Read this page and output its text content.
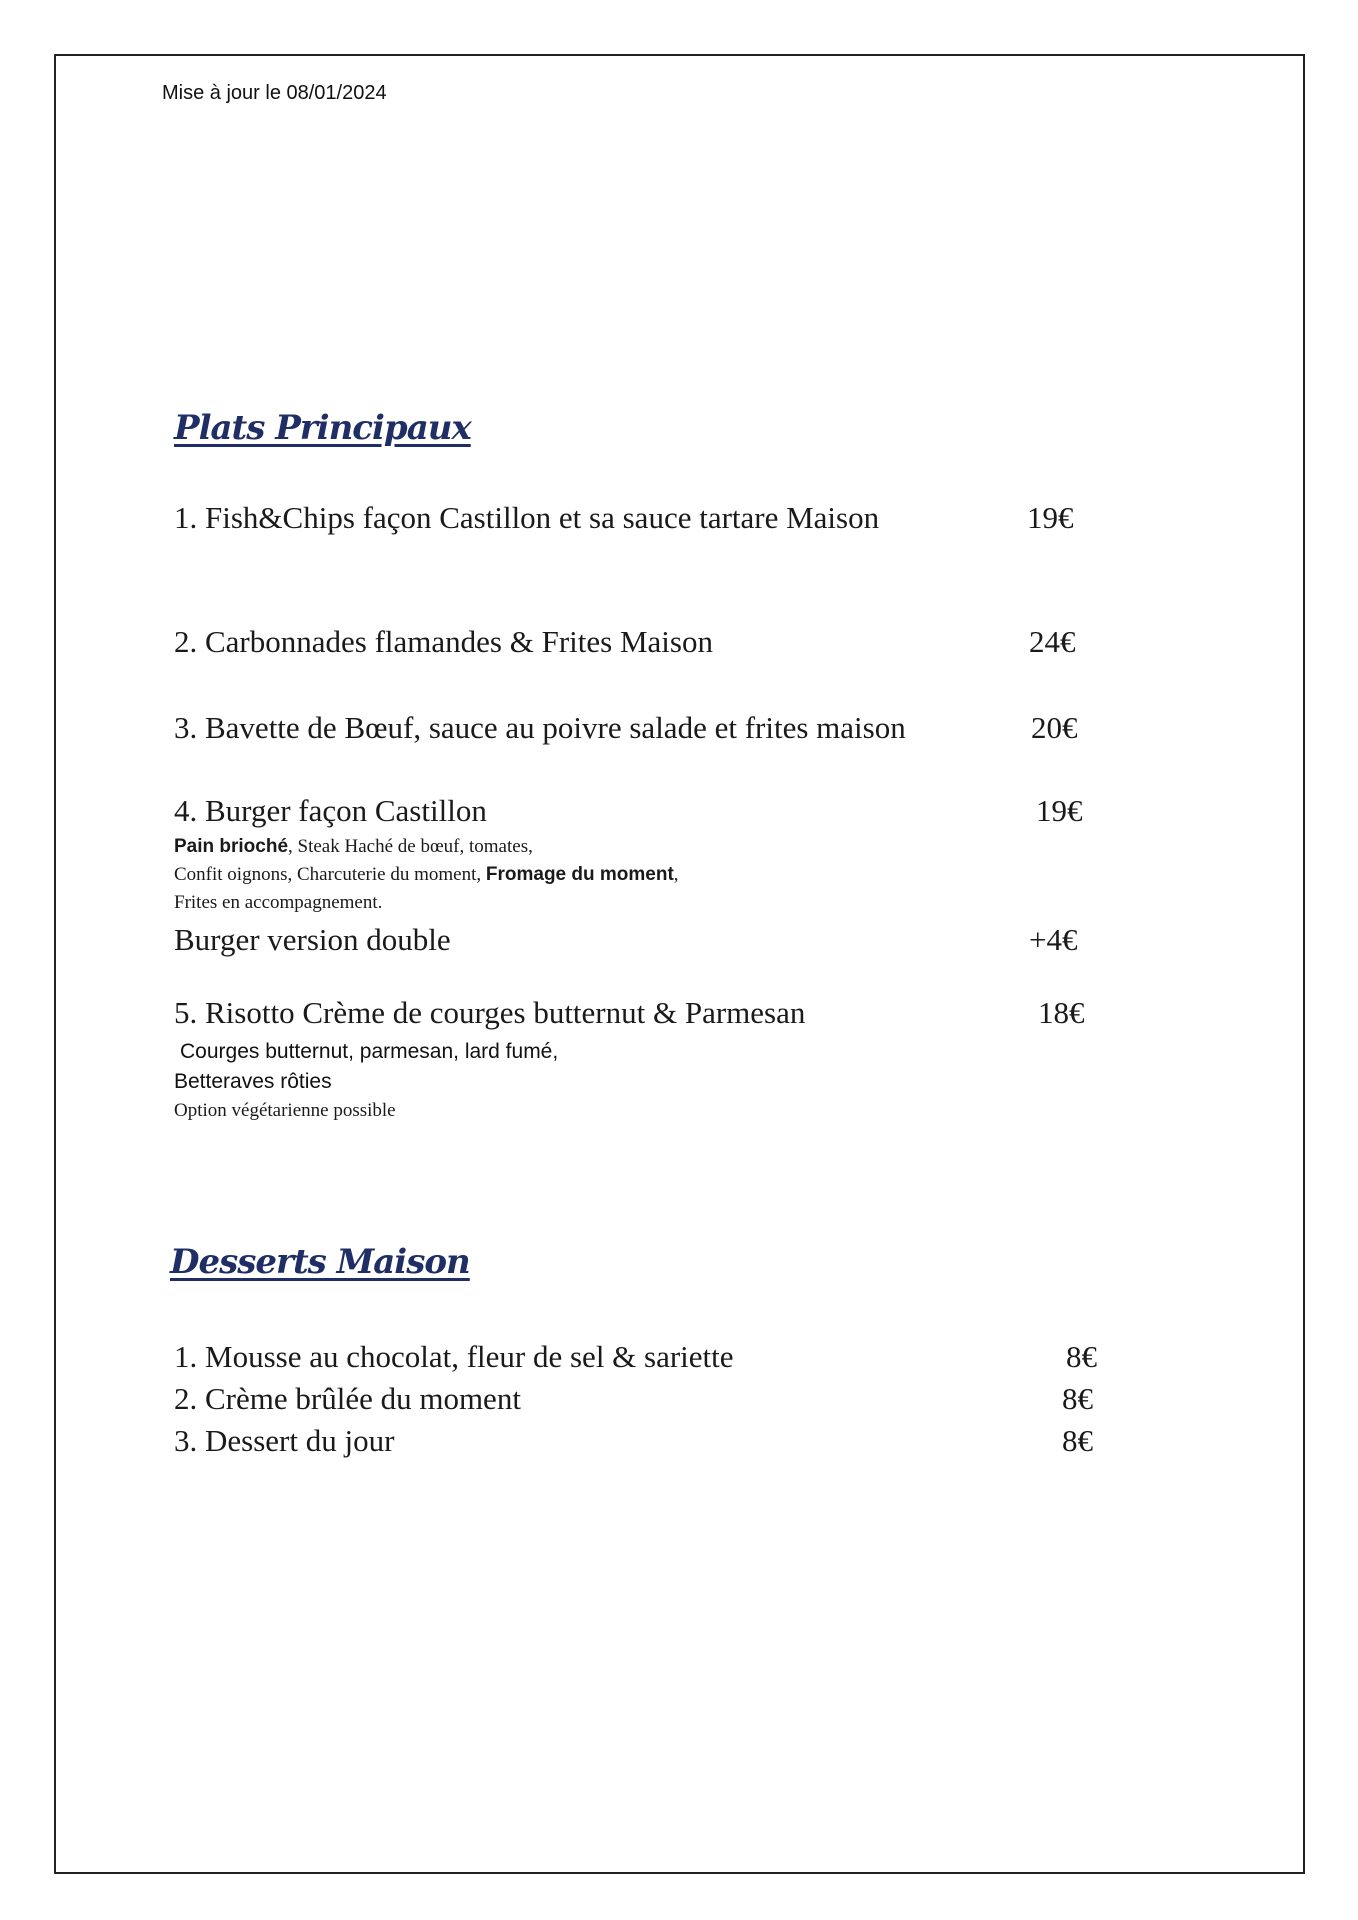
Mise à jour le 08/01/2024
Plats Principaux
1. Fish&Chips façon Castillon et sa sauce tartare Maison	19€
2. Carbonnades flamandes & Frites Maison	24€
3. Bavette de Bœuf, sauce au poivre salade et frites maison	20€
4. Burger façon Castillon	19€
Pain brioché, Steak Haché de bœuf, tomates,
Confit oignons, Charcuterie du moment, Fromage du moment,
Frites en accompagnement.
Burger version double	+4€
5. Risotto Crème de courges butternut & Parmesan	18€
Courges butternut, parmesan, lard fumé,
Betteraves rôties
Option végétarienne possible
Desserts Maison
1. Mousse au chocolat, fleur de sel & sariette	8€
2. Crème brûlée du moment	8€
3. Dessert du jour	8€
